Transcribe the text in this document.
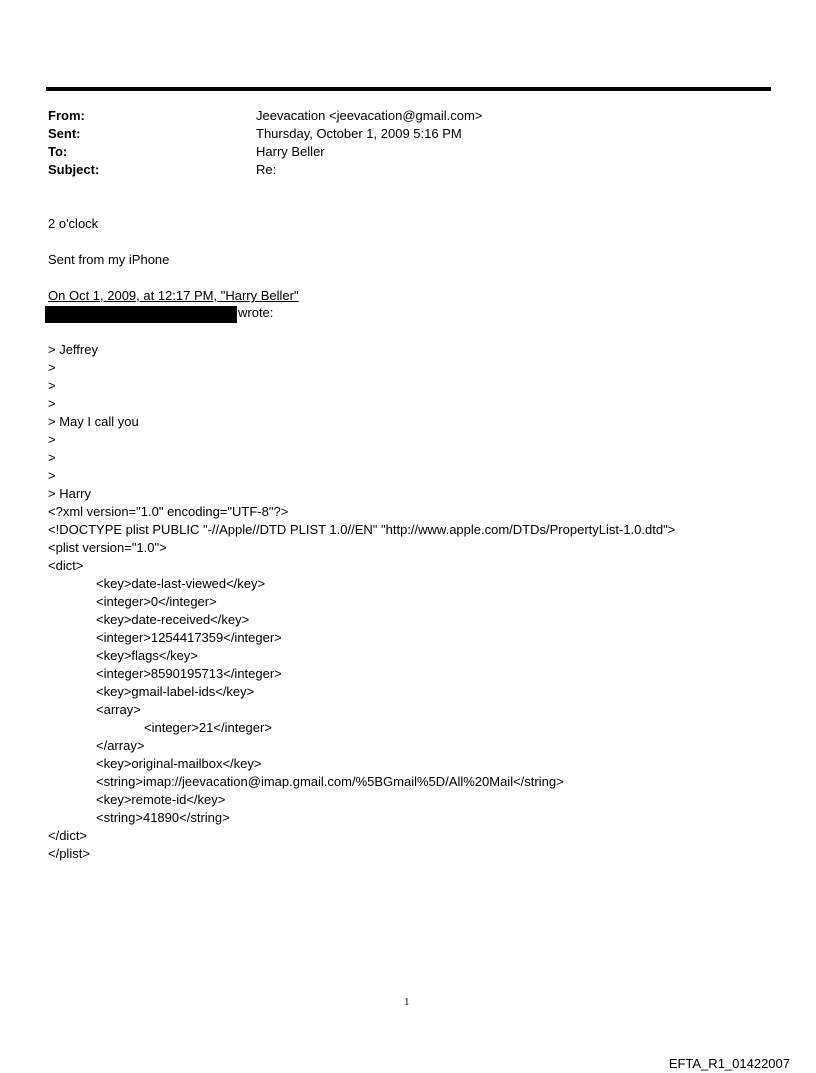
From:	Jeevacation <jeevacation@gmail.com>
Sent:	Thursday, October 1, 2009 5:16 PM
To:	Harry Beller
Subject:	Re:
2 o'clock
Sent from my iPhone
On Oct 1, 2009, at 12:17 PM, "Harry Beller"
wrote:
> Jeffrey
>
>
>
> May I call you
>
>
>
> Harry
<?xml version="1.0" encoding="UTF-8"?>
<!DOCTYPE plist PUBLIC "-//Apple//DTD PLIST 1.0//EN" "http://www.apple.com/DTDs/PropertyList-1.0.dtd">
<plist version="1.0">
<dict>
<key>date-last-viewed</key>
<integer>0</integer>
<key>date-received</key>
<integer>1254417359</integer>
<key>flags</key>
<integer>8590195713</integer>
<key>gmail-label-ids</key>
<array>
<integer>21</integer>
</array>
<key>original-mailbox</key>
<string>imap://jeevacation@imap.gmail.com/%5BGmail%5D/All%20Mail</string>
<key>remote-id</key>
<string>41890</string>
</dict>
</plist>
1
EFTA_R1_01422007
